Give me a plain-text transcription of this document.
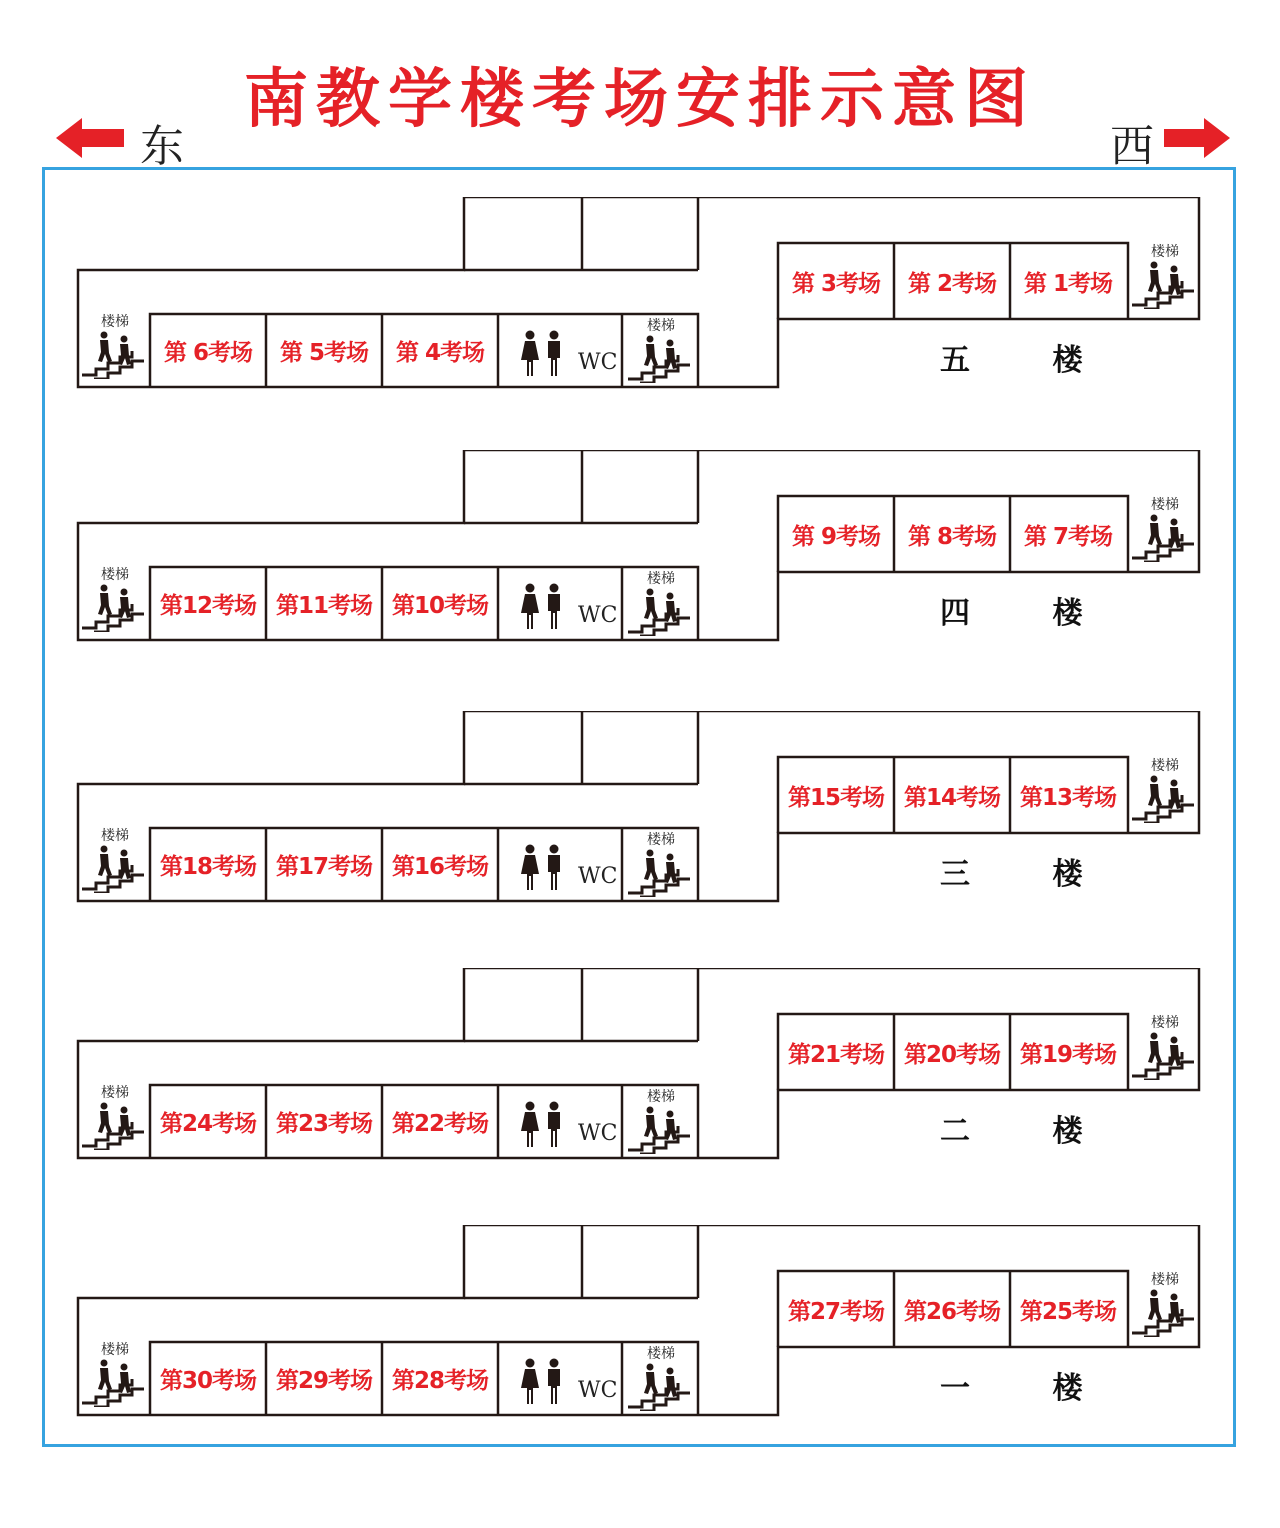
南教学楼考场安排示意图
东	西
第 6考场	第 5考场	第 4考场
第 3考场	第 2考场	第 1考场
楼梯	楼梯
楼梯
WC	五 楼
第12考场 第11考场 第10考场
第 9考场	第 8考场	第 7考场
楼梯	楼梯
楼梯
WC	四 楼
第18考场 第17考场 第16考场
第15考场 第14考场 第13考场
楼梯	楼梯
楼梯
WC	三 楼
第24考场 第23考场 第22考场
第21考场 第20考场 第19考场
楼梯	楼梯
楼梯
WC	二 楼
第30考场 第29考场 第28考场
第27考场 第26考场 第25考场
楼梯	楼梯
楼梯
WC	一 楼
